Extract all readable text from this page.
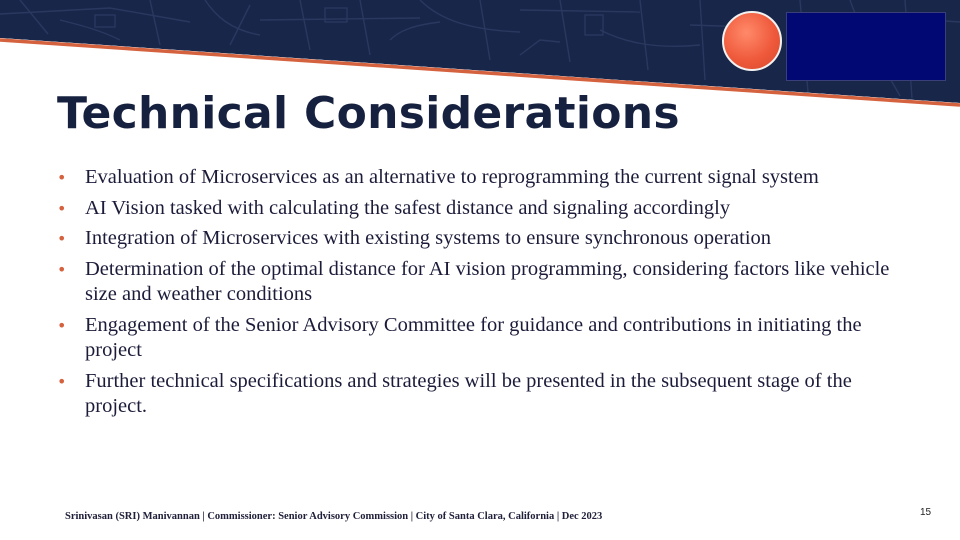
Technical Considerations
• Evaluation of Microservices as an alternative to reprogramming the current signal system
• AI Vision tasked with calculating the safest distance and signaling accordingly
• Integration of Microservices with existing systems to ensure synchronous operation
• Determination of the optimal distance for AI vision programming, considering factors like vehicle size and weather conditions
• Engagement of the Senior Advisory Committee for guidance and contributions in initiating the project
• Further technical specifications and strategies will be presented in the subsequent stage of the project.
Srinivasan (SRI) Manivannan | Commissioner: Senior Advisory Commission | City of Santa Clara, California | Dec 2023	15
